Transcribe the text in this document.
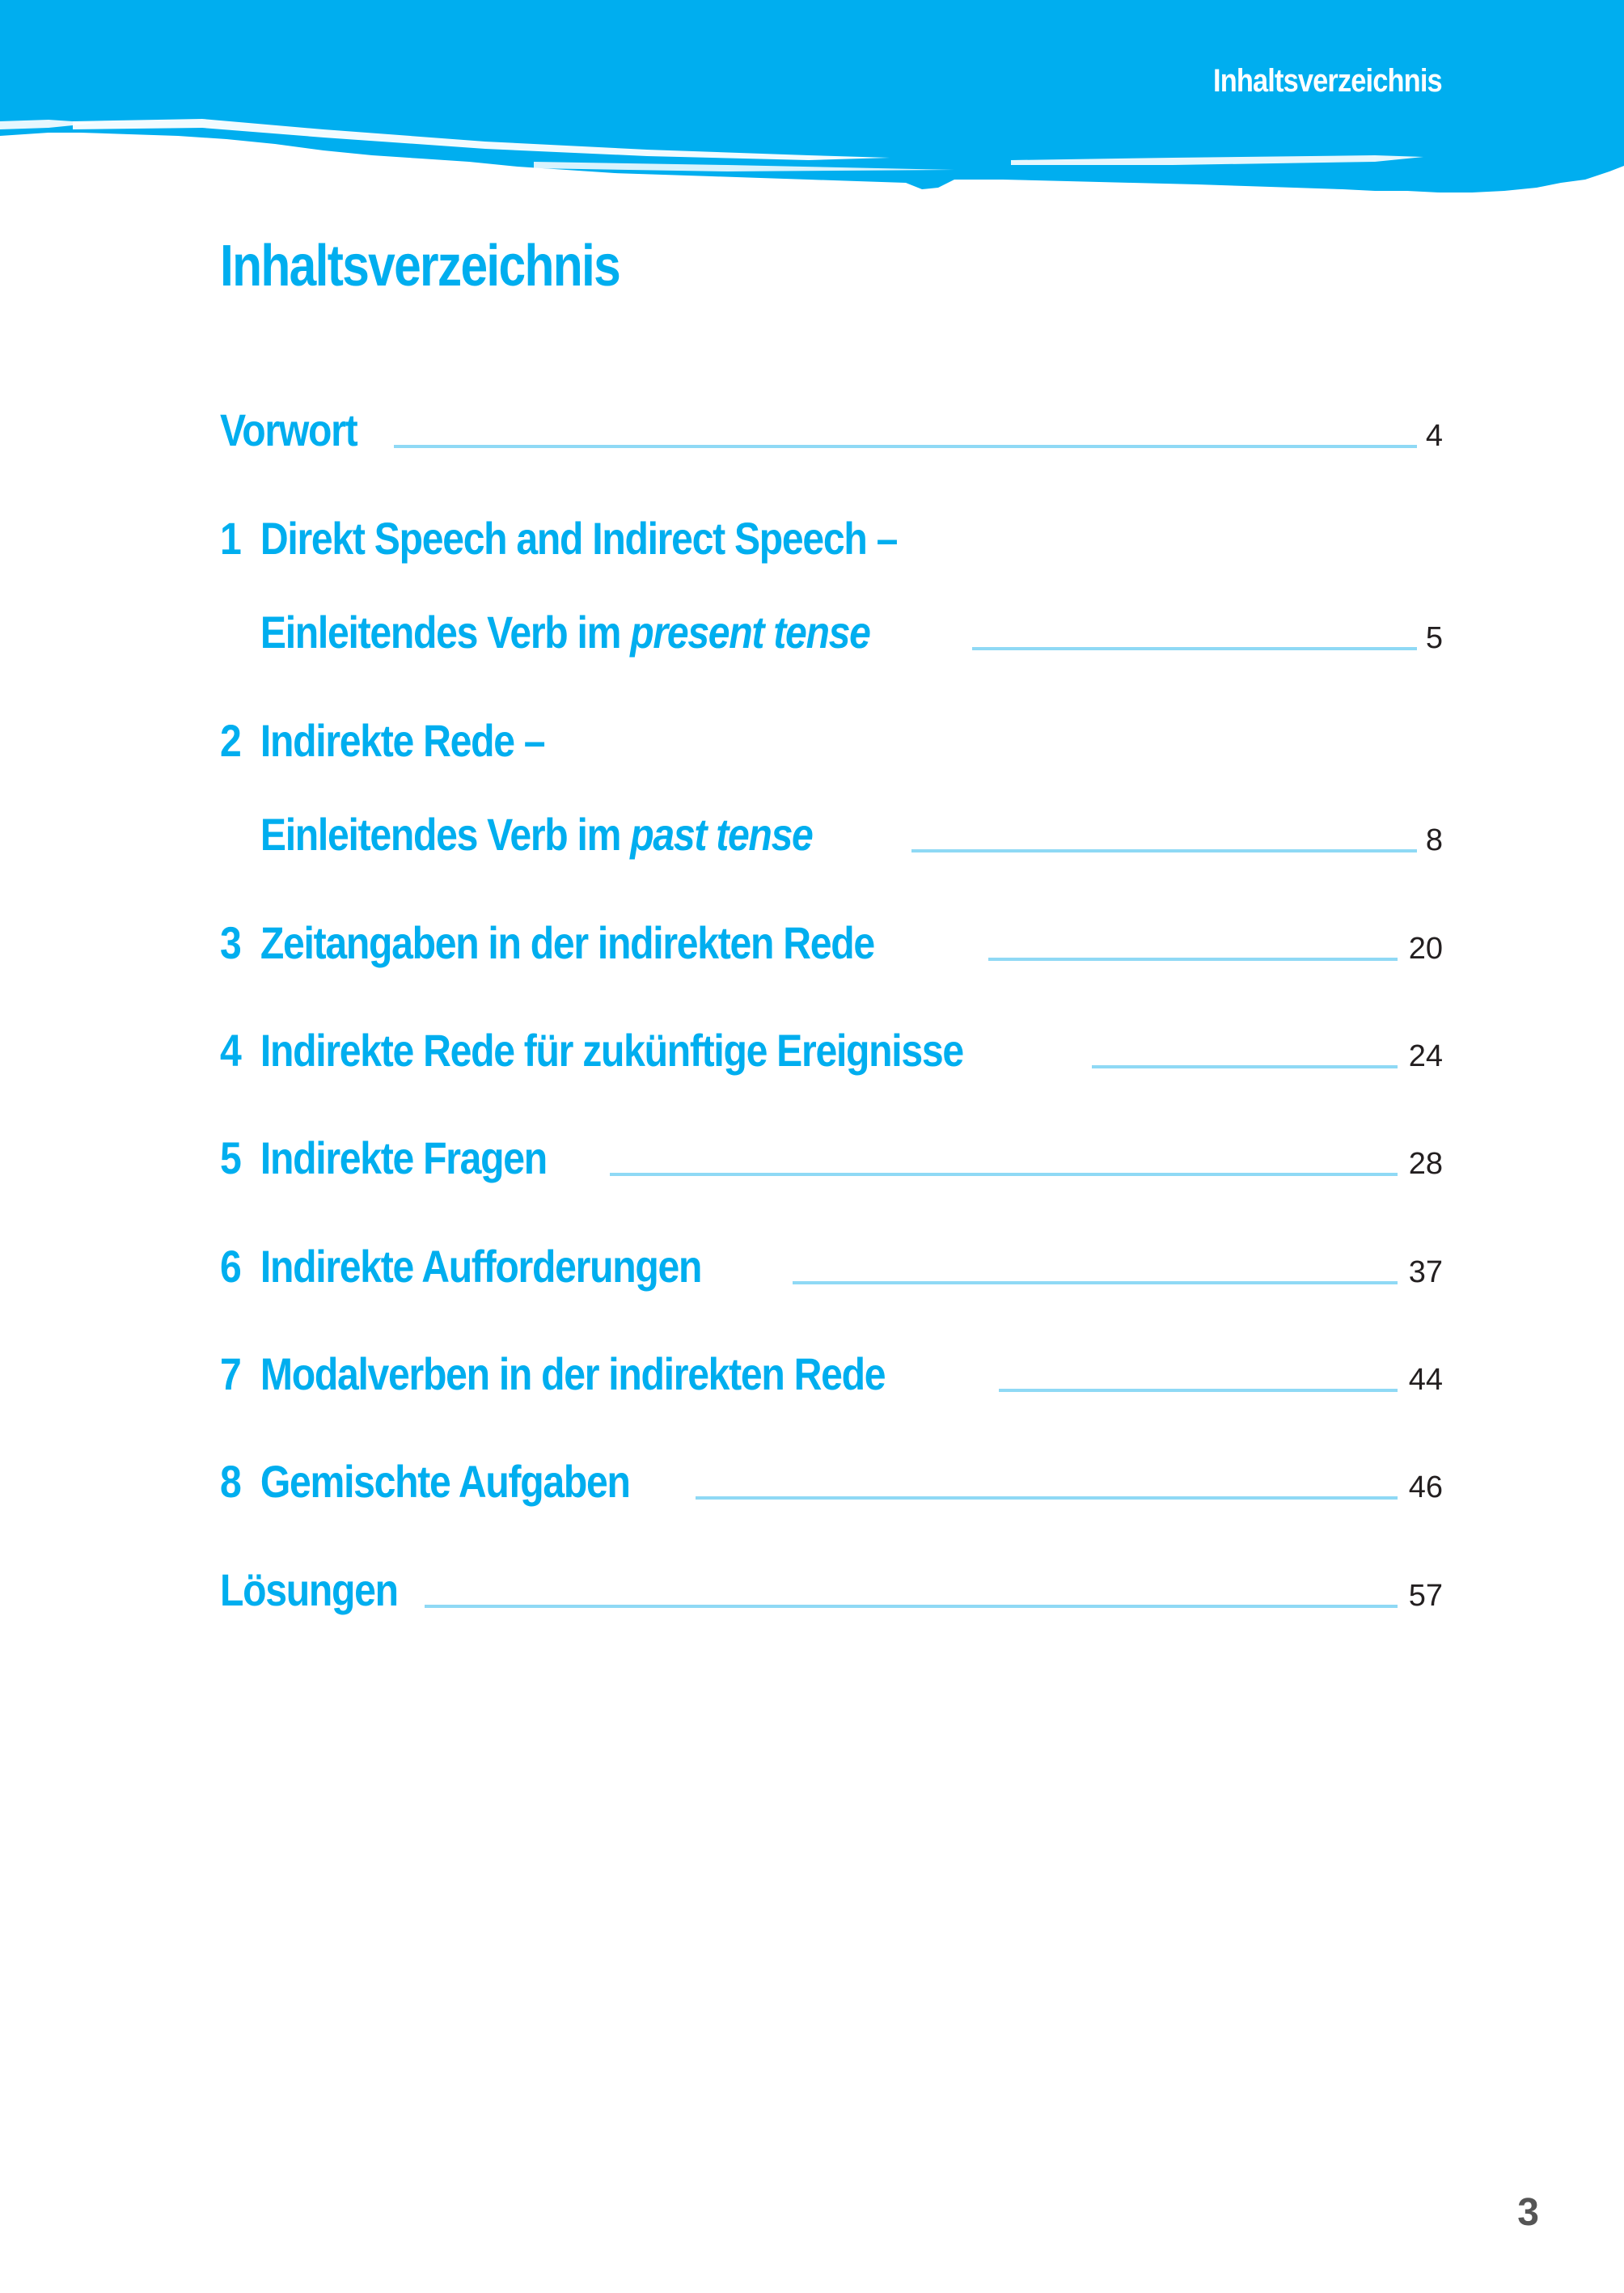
Inhaltsverzeichnis
Inhaltsverzeichnis
Vorwort	4
1 Direkt Speech and Indirect Speech –
Einleitendes Verb im present tense	5
2 Indirekte Rede –
Einleitendes Verb im past tense	8
3 Zeitangaben in der indirekten Rede	20
4 Indirekte Rede für zukünftige Ereignisse	24
5 Indirekte Fragen	28
6 Indirekte Aufforderungen	37
7 Modalverben in der indirekten Rede	44
8 Gemischte Aufgaben	46
Lösungen	57
3
